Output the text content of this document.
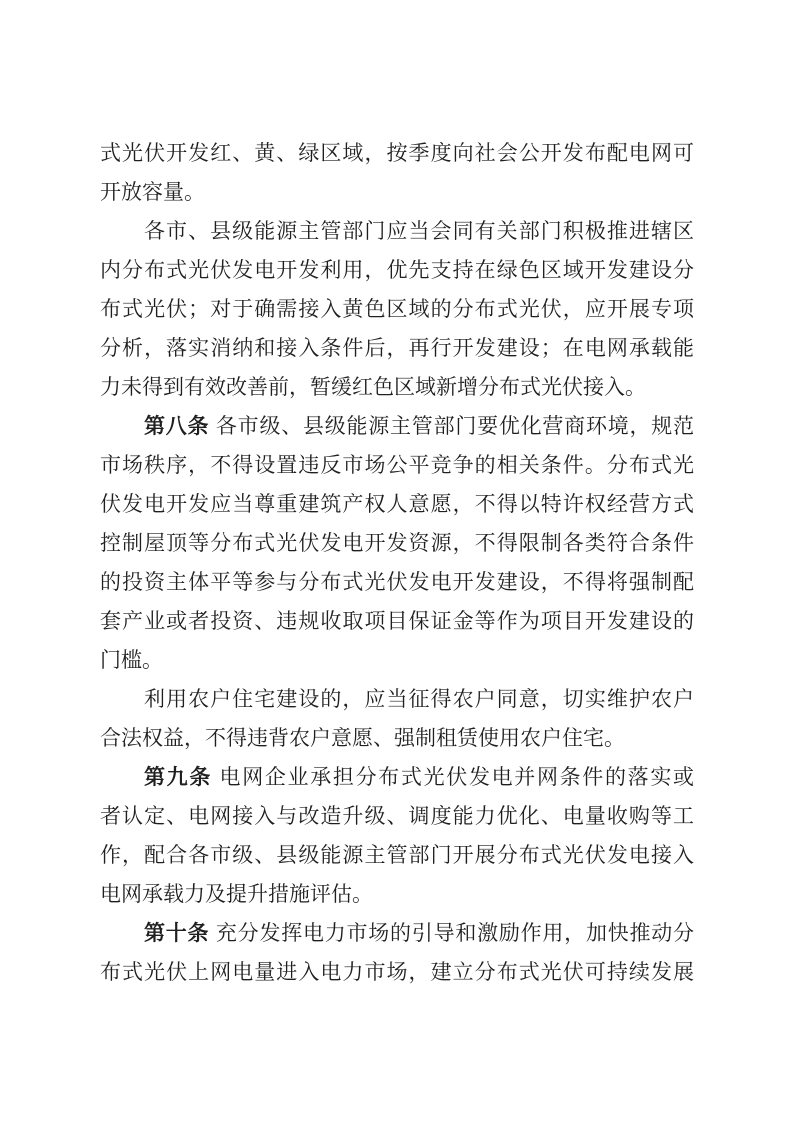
式光伏开发红、黄、绿区域，按季度向社会公开发布配电网可
开放容量。
各市、县级能源主管部门应当会同有关部门积极推进辖区
内分布式光伏发电开发利用，优先支持在绿色区域开发建设分
布式光伏；对于确需接入黄色区域的分布式光伏，应开展专项
分析，落实消纳和接入条件后，再行开发建设；在电网承载能
力未得到有效改善前，暂缓红色区域新增分布式光伏接入。
第八条 各市级、县级能源主管部门要优化营商环境，规范
市场秩序，不得设置违反市场公平竞争的相关条件。分布式光
伏发电开发应当尊重建筑产权人意愿，不得以特许权经营方式
控制屋顶等分布式光伏发电开发资源，不得限制各类符合条件
的投资主体平等参与分布式光伏发电开发建设，不得将强制配
套产业或者投资、违规收取项目保证金等作为项目开发建设的
门槛。
利用农户住宅建设的，应当征得农户同意，切实维护农户
合法权益，不得违背农户意愿、强制租赁使用农户住宅。
第九条 电网企业承担分布式光伏发电并网条件的落实或
者认定、电网接入与改造升级、调度能力优化、电量收购等工
作，配合各市级、县级能源主管部门开展分布式光伏发电接入
电网承载力及提升措施评估。
第十条 充分发挥电力市场的引导和激励作用，加快推动分
布式光伏上网电量进入电力市场，建立分布式光伏可持续发展
